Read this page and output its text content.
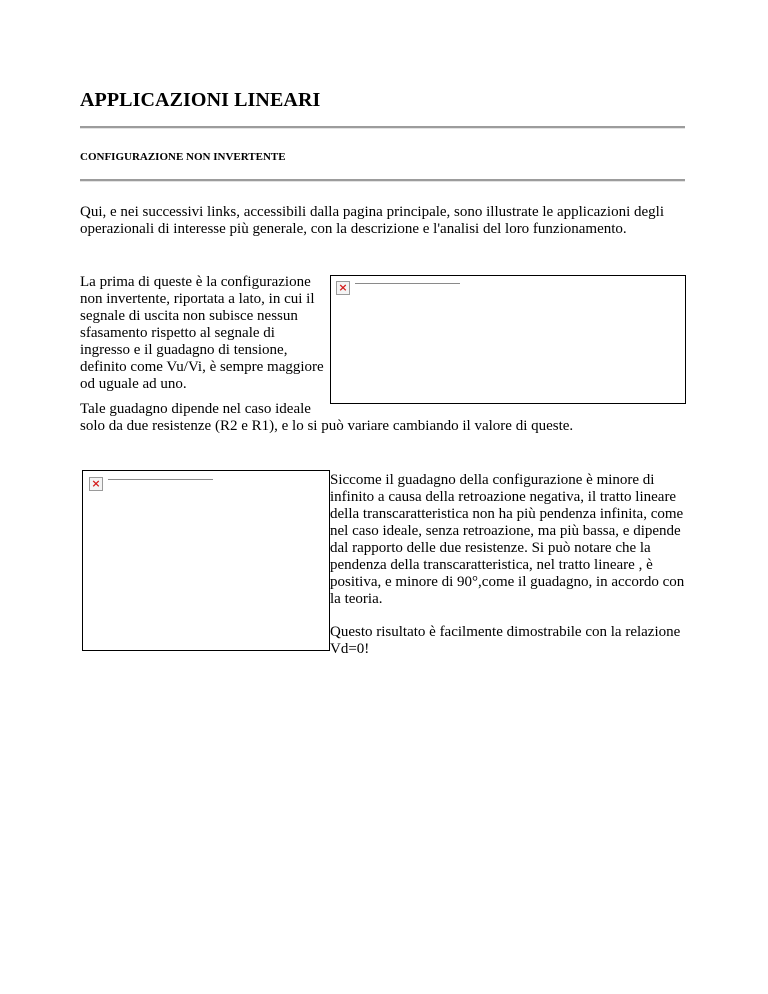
APPLICAZIONI LINEARI
CONFIGURAZIONE NON INVERTENTE

Qui, e nei successivi links, accessibili dalla pagina principale, sono illustrate le applicazioni degli operazionali di interesse più generale, con la descrizione e l'analisi del loro funzionamento.

La prima di queste è la configurazione non invertente, riportata a lato, in cui il segnale di uscita non subisce nessun sfasamento rispetto al segnale di ingresso e il guadagno di tensione, definito come Vu/Vi, è sempre maggiore od uguale ad uno.

×

Tale guadagno dipende nel caso ideale

solo da due resistenze (R2 e R1), e lo si può variare cambiando il valore di queste.

×	Siccome il guadagno della configurazione è minore di infinito a causa della retroazione negativa, il tratto lineare della transcaratteristica non ha più pendenza infinita, come nel caso ideale, senza retroazione, ma più bassa, e dipende dal rapporto delle due resistenze. Si può notare che la pendenza della transcaratteristica, nel tratto lineare , è positiva, e minore di 90°,come il guadagno, in accordo con la teoria.

Questo risultato è facilmente dimostrabile con la relazione Vd=0!
